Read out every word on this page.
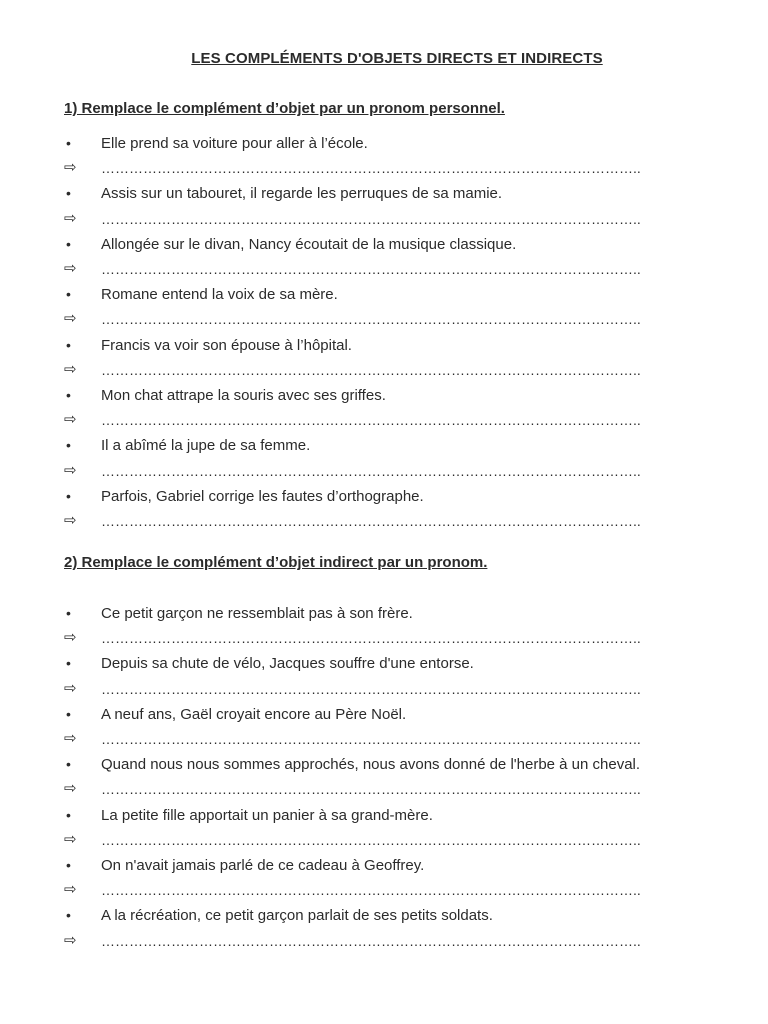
LES COMPLÉMENTS D'OBJETS DIRECTS ET INDIRECTS
1) Remplace le complément d’objet par un pronom personnel.
• Elle prend sa voiture pour aller à l’école.
⇨ ……………………………………………………………………………………………………..
• Assis sur un tabouret, il regarde les perruques de sa mamie.
⇨ ……………………………………………………………………………………………………..
• Allongée sur le divan, Nancy écoutait de la musique classique.
⇨ ……………………………………………………………………………………………………..
• Romane entend la voix de sa mère.
⇨ ……………………………………………………………………………………………………..
• Francis va voir son épouse à l’hôpital.
⇨ ……………………………………………………………………………………………………..
• Mon chat attrape la souris avec ses griffes.
⇨ ……………………………………………………………………………………………………..
• Il a abîmé la jupe de sa femme.
⇨ ……………………………………………………………………………………………………..
• Parfois, Gabriel corrige les fautes d’orthographe.
⇨ ……………………………………………………………………………………………………..
2) Remplace le complément d’objet indirect par un pronom.
• Ce petit garçon ne ressemblait pas à son frère.
⇨ ……………………………………………………………………………………………………..
• Depuis sa chute de vélo, Jacques souffre d'une entorse.
⇨ ……………………………………………………………………………………………………..
• A neuf ans, Gaël croyait encore au Père Noël.
⇨ ……………………………………………………………………………………………………..
• Quand nous nous sommes approchés, nous avons donné de l'herbe à un cheval.
⇨ ……………………………………………………………………………………………………..
• La petite fille apportait un panier à sa grand-mère.
⇨ ……………………………………………………………………………………………………..
• On n'avait jamais parlé de ce cadeau à Geoffrey.
⇨ ……………………………………………………………………………………………………..
• A la récréation, ce petit garçon parlait de ses petits soldats.
⇨ ……………………………………………………………………………………………………..
